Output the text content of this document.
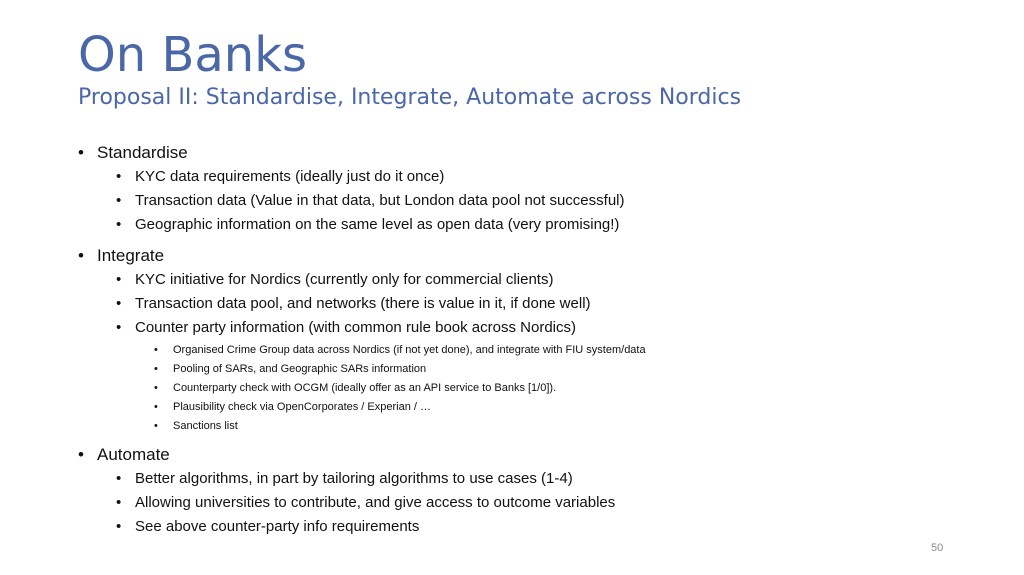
On Banks
Proposal II: Standardise, Integrate, Automate across Nordics
• Standardise
• KYC data requirements (ideally just do it once)
• Transaction data (Value in that data, but London data pool not successful)
• Geographic information on the same level as open data (very promising!)
• Integrate
• KYC initiative for Nordics (currently only for commercial clients)
• Transaction data pool, and networks (there is value in it, if done well)
• Counter party information (with common rule book across Nordics)
• Organised Crime Group data across Nordics (if not yet done), and integrate with FIU system/data
• Pooling of SARs, and Geographic SARs information
• Counterparty check with OCGM (ideally offer as an API service to Banks [1/0]).
• Plausibility check via OpenCorporates / Experian / …
• Sanctions list
• Automate
• Better algorithms, in part by tailoring algorithms to use cases (1-4)
• Allowing universities to contribute, and give access to outcome variables
• See above counter-party info requirements
50
